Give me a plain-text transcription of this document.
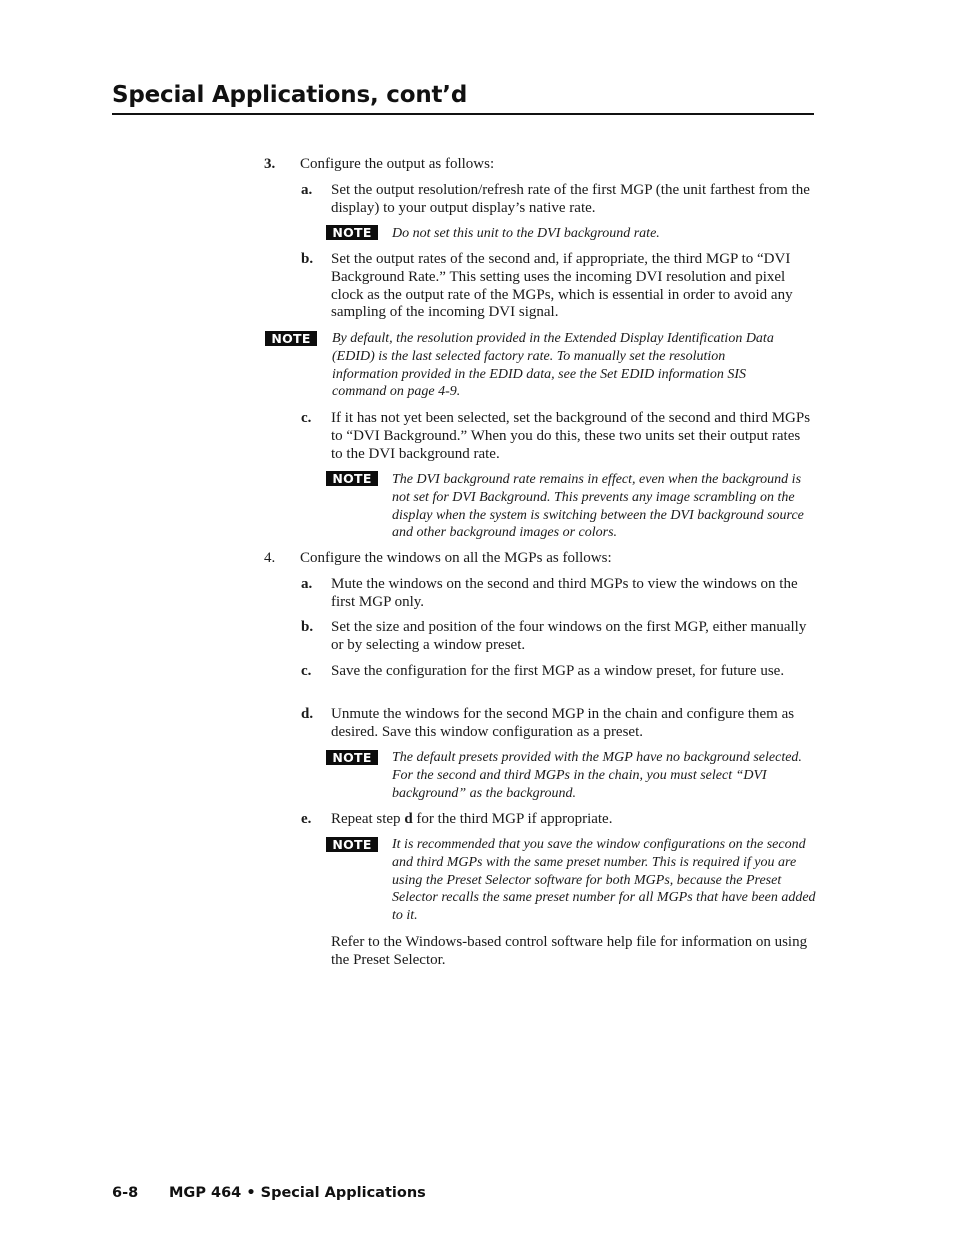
Special Applications, cont’d
3. Configure the output as follows:
a. Set the output resolution/refresh rate of the first MGP (the unit farthest from the display) to your output display’s native rate.
NOTE	Do not set this unit to the DVI background rate.
b. Set the output rates of the second and, if appropriate, the third MGP to “DVI Background Rate.” This setting uses the incoming DVI resolution and pixel clock as the output rate of the MGPs, which is essential in order to avoid any sampling of the incoming DVI signal.
NOTE	By default, the resolution provided in the Extended Display Identification Data (EDID) is the last selected factory rate. To manually set the resolution information provided in the EDID data, see the Set EDID information SIS command on page 4-9.
c. If it has not yet been selected, set the background of the second and third MGPs to “DVI Background.” When you do this, these two units set their output rates to the DVI background rate.
NOTE	The DVI background rate remains in effect, even when the background is not set for DVI Background. This prevents any image scrambling on the display when the system is switching between the DVI background source and other background images or colors.
4. Configure the windows on all the MGPs as follows:
a. Mute the windows on the second and third MGPs to view the windows on the first MGP only.
b. Set the size and position of the four windows on the first MGP, either manually or by selecting a window preset.
c. Save the configuration for the first MGP as a window preset, for future use.
d. Unmute the windows for the second MGP in the chain and configure them as desired. Save this window configuration as a preset.
NOTE	The default presets provided with the MGP have no background selected. For the second and third MGPs in the chain, you must select “DVI background” as the background.
e. Repeat step d for the third MGP if appropriate.
NOTE	It is recommended that you save the window configurations on the second and third MGPs with the same preset number. This is required if you are using the Preset Selector software for both MGPs, because the Preset Selector recalls the same preset number for all MGPs that have been added to it.
Refer to the Windows-based control software help file for information on using the Preset Selector.
6-8 MGP 464 • Special Applications
